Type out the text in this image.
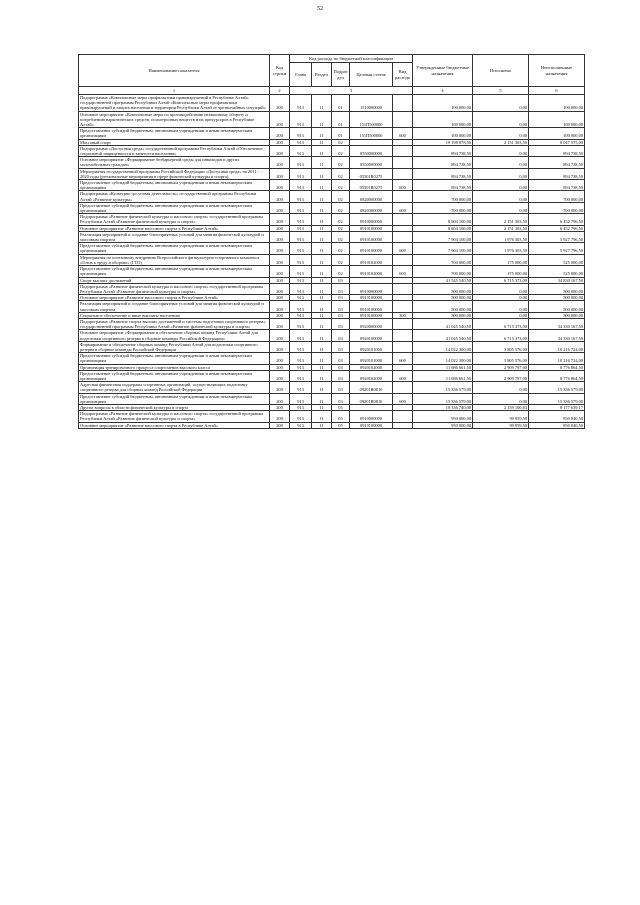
52
Наименование показателя	Код строки	Код расхода по бюджетной классификации					Утвержденные бюджетные назначения	Исполнено	Неисполненные назначения
		Глава	Раздел	Подраз дел	Целевая статья	Вид расхода			
1	2	3					4	5	6
Подпрограмма «Комплексные меры профилактики правонарушений в Республике Алтай» государственной программы Республики Алтай «Комплексные меры профилактики правонарушений и защита населения и территории Республики Алтай от чрезвычайных ситуаций»	200	913	11	01	1510000000		100 000,00	0,00	100 000,00
Основное мероприятие «Комплексные меры по противодействию незаконному обороту и потреблению наркотических средств, психотропных веществ и их прекурсоров в Республике Алтай»	200	913	11	01	151П500000		100 000,00	0,00	100 000,00
Предоставление субсидий бюджетным, автономным учреждениям и иным некоммерческим организациям	200	913	11	01	151П500000	600	100 000,00	0,00	100 000,00
Массовый спорт	200	913	11	02			19 198 878,50	2 151 303,50	8 047 575,00
Подпрограмма «Доступная среда» государственной программы Республики Алтай «Обеспечение социальной защищенности и занятости населения»	200	913	11	02	0550000000		894 738,50	0,00	894 738,50
Основное мероприятие «Формирование безбарьерной среды для инвалидов и других маломобильных граждан»	200	913	11	02	0550000000		894 738,50	0,00	894 738,50
Мероприятия государственной программы Российской Федерации «Доступная среда» на 2011 - 2020 годы (региональные мероприятия в сфере физической культуры и спорта)	200	913	11	02	05501R0275		894 738,50	0,00	894 738,50
Предоставление субсидий бюджетным, автономным учреждениям и иным некоммерческим организациям	200	913	11	02	05501R0275	600	894 738,50	0,00	894 738,50
Подпрограмма «Культурно-досуговая деятельность» государственной программы Республики Алтай «Развитие культуры»	200	913	11	02	0820000000		700 000,00	0,00	700 000,00
Предоставление субсидий бюджетным, автономным учреждениям и иным некоммерческим организациям	200	913	11	02	0820300000	600	700 000,00	0,00	700 000,00
Подпрограмма «Развитие физической культуры и массового спорта» государственной программы Республики Алтай «Развитие физической культуры и спорта»	200	913	11	02	0910000000		8 604 100,00	2 151 303,50	6 452 796,50
Основное мероприятие «Развитие массового спорта в Республике Алтай»	200	913	11	02	0910100000		8 604 100,00	2 151 303,50	6 452 796,50
Реализация мероприятий и создание благоприятных условий для занятия физической культурой и массовым спортом	200	913	11	02	0910100000		7 904 100,00	1 976 303,50	5 927 796,50
Предоставление субсидий бюджетным, автономным учреждениям и иным некоммерческим организациям	200	913	11	02	0910100000	600	7 904 100,00	1 976 303,50	5 927 796,50
Мероприятия по поэтапному внедрению Всероссийского физкультурно-спортивного комплекса «Готов к труду и обороне» (ГТО)	200	913	11	02	0910102000		700 000,00	175 000,00	525 000,00
Предоставление субсидий бюджетным, автономным учреждениям и иным некоммерческим организациям	200	913	11	02	0910102000	600	700 000,00	175 000,00	525 000,00
Спорт высших достижений	200	913	11	03			41 545 540,50	6 715 373,00	34 830 167,50
Подпрограмма «Развитие физической культуры и массового спорта» государственной программы Республики Алтай «Развитие физической культуры и спорта»	200	913	11	03	0910000000		500 000,00	0,00	500 000,00
Основное мероприятие «Развитие массового спорта в Республике Алтай»	200	913	11	03	0910100000		500 000,00	0,00	500 000,00
Реализация мероприятий и создание благоприятных условий для занятия физической культурой и массовым спортом	200	913	11	03	0910100000		500 000,00	0,00	500 000,00
Социальное обеспечение и иные выплаты населению	200	913	11	03	0910100000	300	500 000,00	0,00	500 000,00
Подпрограмма «Развитие спорта высших достижений и системы подготовки спортивного резерва» государственной программы Республики Алтай «Развитие физической культуры и спорта»	200	913	11	03	0920000000		41 045 540,50	6 715 373,00	34 330 167,50
Основное мероприятие «Формирование и обеспечение сборных команд Республики Алтай для подготовки спортивного резерва в сборные команды Российской Федерации»	200	913	11	03	0920100000		41 045 540,50	6 715 373,00	34 330 167,50
Формирование и обеспечение сборных команд Республики Алтай для подготовки спортивного резерва в сборные команды Российской Федерации	200	913	11	03	0920101000		14 022 300,00	3 805 576,00	10 216 724,00
Предоставление субсидий бюджетным, автономным учреждениям и иным некоммерческим организациям	200	913	11	03	0920101000	600	14 022 300,00	3 805 576,00	10 216 724,00
Организация тренировочного процесса спортсменов высокого класса	200	913	11	03	0920102000		11 686 661,50	2 909 797,00	8 776 864,50
Предоставление субсидий бюджетным, автономным учреждениям и иным некоммерческим организациям	200	913	11	03	0920102000	600	11 686 661,50	2 909 797,00	8 776 864,50
Адресная финансовая поддержка спортивных организаций, осуществляющих подготовку спортивного резерва для сборных команд Российской Федерации	200	913	11	03	09201R0810		15 336 579,00	0,00	15 336 579,00
Предоставление субсидий бюджетным, автономным учреждениям и иным некоммерческим организациям	200	913	11	03	09201R0810	600	15 336 579,00	0,00	15 336 579,00
Другие вопросы в области физической культуры и спорта	200	913	11	05			10 336 740,00	2 159 100,83	8 177 639,17
Подпрограмма «Развитие физической культуры и массового спорта» государственной программы Республики Алтай «Развитие физической культуры и спорта»	200	913	11	05	0910000000		950 000,00	99 959,50	850 040,50
Основное мероприятие «Развитие массового спорта в Республике Алтай»	200	913	11	05	0910100000		950 000,00	99 959,50	850 040,50
